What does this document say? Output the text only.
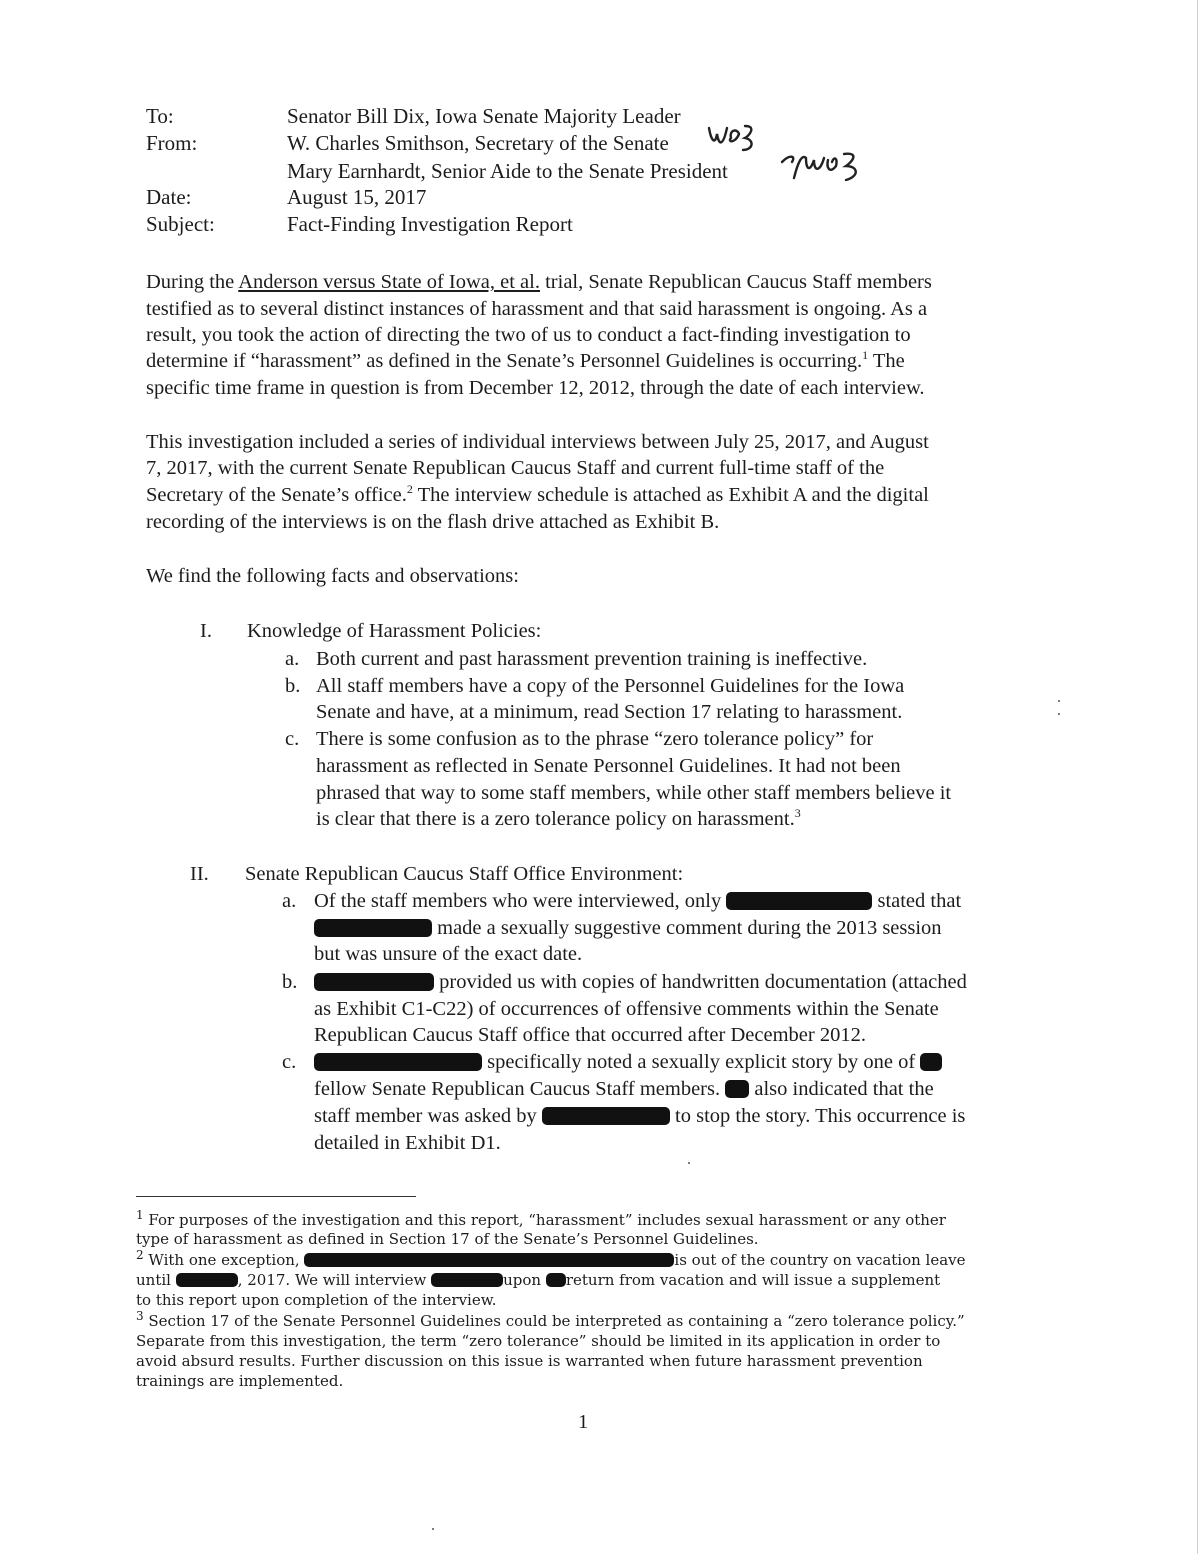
To:	Senator Bill Dix, Iowa Senate Majority Leader
From:	W. Charles Smithson, Secretary of the Senate
Mary Earnhardt, Senior Aide to the Senate President
Date:	August 15, 2017
Subject:	Fact-Finding Investigation Report
During the Anderson versus State of Iowa, et al. trial, Senate Republican Caucus Staff members
testified as to several distinct instances of harassment and that said harassment is ongoing. As a
result, you took the action of directing the two of us to conduct a fact-finding investigation to
determine if “harassment” as defined in the Senate’s Personnel Guidelines is occurring.$^1$ The
specific time frame in question is from December 12, 2012, through the date of each interview.
This investigation included a series of individual interviews between July 25, 2017, and August
7, 2017, with the current Senate Republican Caucus Staff and current full-time staff of the
Secretary of the Senate’s office.$^2$ The interview schedule is attached as Exhibit A and the digital
recording of the interviews is on the flash drive attached as Exhibit B.
We find the following facts and observations:
I. Knowledge of Harassment Policies:
a. Both current and past harassment prevention training is ineffective.
b. All staff members have a copy of the Personnel Guidelines for the Iowa
Senate and have, at a minimum, read Section 17 relating to harassment.
c. There is some confusion as to the phrase “zero tolerance policy” for
harassment as reflected in Senate Personnel Guidelines. It had not been
phrased that way to some staff members, while other staff members believe it
is clear that there is a zero tolerance policy on harassment.$^3$
II. Senate Republican Caucus Staff Office Environment:
a. Of the staff members who were interviewed, only	stated that
made a sexually suggestive comment during the 2013 session
but was unsure of the exact date.
b.	provided us with copies of handwritten documentation (attached
as Exhibit C1-C22) of occurrences of offensive comments within the Senate
Republican Caucus Staff office that occurred after December 2012.
c.	specifically noted a sexually explicit story by one of
fellow Senate Republican Caucus Staff members.  also indicated that the
staff member was asked by	to stop the story. This occurrence is
detailed in Exhibit D1.
$^1$ For purposes of the investigation and this report, “harassment” includes sexual harassment or any other
type of harassment as defined in Section 17 of the Senate’s Personnel Guidelines.
$^2$ With one exception,	is out of the country on vacation leave
until	, 2017. We will interview	upon return from vacation and will issue a supplement
to this report upon completion of the interview.
$^3$ Section 17 of the Senate Personnel Guidelines could be interpreted as containing a “zero tolerance policy.”
Separate from this investigation, the term “zero tolerance” should be limited in its application in order to
avoid absurd results. Further discussion on this issue is warranted when future harassment prevention
trainings are implemented.
1
